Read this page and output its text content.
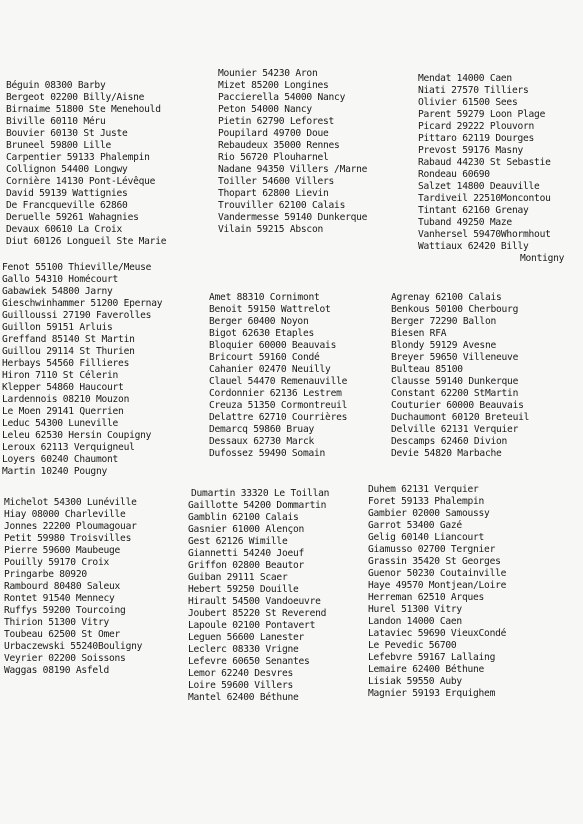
Béguin 08300 Barby
Bergeot 02200 Billy/Aisne
Birnaime 51800 Ste Menehould
Biville 60110 Méru
Bouvier 60130 St Juste
Bruneel 59800 Lille
Carpentier 59133 Phalempin
Collignon 54400 Longwy
Cornière 14130 Pont-Lévêque
David 59139 Wattignies
De Francqueville 62860
Deruelle 59261 Wahagnies
Devaux 60610 La Croix
Diut 60126 Longueil Ste Marie
Mounier 54230 Aron
Mizet 85200 Longines
Paccierella 54000 Nancy
Peton 54000 Nancy
Pietin 62790 Leforest
Poupilard 49700 Doue
Rebaudeux 35000 Rennes
Rio 56720 Plouharnel
Nadane 94350 Villers /Marne
Toiller 54600 Villers
Thopart 62800 Lievin
Trouviller 62100 Calais
Vandermesse 59140 Dunkerque
Vilain 59215 Abscon
Mendat 14000 Caen
Niati 27570 Tilliers
Olivier 61500 Sees
Parent 59279 Loon Plage
Picard 29222 Plouvorn
Pittaro 62119 Dourges
Prevost 59176 Masny
Rabaud 44230 St Sebastie
Rondeau 60690
Salzet 14800 Deauville
Tardiveil 22510Moncontou
Tintant 62160 Grenay
Tuband 49250 Maze
Vanhersel 59470Whormhout
Wattiaux 62420 Billy
Montigny
Fenot 55100 Thieville/Meuse
Gallo 54310 Homécourt
Gabawiek 54800 Jarny
Gieschwinhammer 51200 Epernay
Guilloussi 27190 Faverolles
Guillon 59151 Arluis
Greffand 85140 St Martin
Guillou 29114 St Thurien
Herbays 54560 Fillieres
Hiron 7110 St Célerin
Klepper 54860 Haucourt
Lardennois 08210 Mouzon
Le Moen 29141 Querrien
Leduc 54300 Luneville
Leleu 62530 Hersin Coupigny
Leroux 62113 Verquigneul
Loyers 60240 Chaumont
Martin 10240 Pougny
Amet 88310 Cornimont
Benoit 59150 Wattrelot
Berger 60400 Noyon
Bigot 62630 Etaples
Bloquier 60000 Beauvais
Bricourt 59160 Condé
Cahanier 02470 Neuilly
Clauel 54470 Remenauville
Cordonnier 62136 Lestrem
Creuza 51350 Cormontreuil
Delattre 62710 Courrières
Demarcq 59860 Bruay
Dessaux 62730 Marck
Dufossez 59490 Somain
Agrenay 62100 Calais
Benkous 50100 Cherbourg
Berger 72290 Ballon
Biesen RFA
Blondy 59129 Avesne
Breyer 59650 Villeneuve
Bulteau 85100
Clausse 59140 Dunkerque
Constant 62200 StMartin
Couturier 60000 Beauvais
Duchaumont 60120 Breteuil
Delville 62131 Verquier
Descamps 62460 Divion
Devie 54820 Marbache
Michelot 54300 Lunéville
Hiay 08000 Charleville
Jonnes 22200 Ploumagouar
Petit 59980 Troisvilles
Pierre 59600 Maubeuge
Pouilly 59170 Croix
Pringarbe 80920
Rambourd 80480 Saleux
Rontet 91540 Mennecy
Ruffys 59200 Tourcoing
Thirion 51300 Vitry
Toubeau 62500 St Omer
Urbaczewski 55240Bouligny
Veyrier 02200 Soissons
Waggas 08190 Asfeld
Dumartin 33320 Le Toillan
Gaillotte 54200 Dommartin
Gamblin 62100 Calais
Gasnier 61000 Alençon
Gest 62126 Wimille
Giannetti 54240 Joeuf
Griffon 02800 Beautor
Guiban 29111 Scaer
Hebert 59250 Douille
Hirault 54500 Vandoeuvre
Joubert 85220 St Reverend
Lapoule 02100 Pontavert
Leguen 56600 Lanester
Leclerc 08330 Vrigne
Lefevre 60650 Senantes
Lemor 62240 Desvres
Loire 59600 Villers
Mantel 62400 Béthune
Duhem 62131 Verquier
Foret 59133 Phalempin
Gambier 02000 Samoussy
Garrot 53400 Gazé
Gelig 60140 Liancourt
Giamusso 02700 Tergnier
Grassin 35420 St Georges
Guenor 50230 Coutainville
Haye 49570 Montjean/Loire
Herreman 62510 Arques
Hurel 51300 Vitry
Landon 14000 Caen
Lataviec 59690 VieuxCondé
Le Pevedic 56700
Lefebvre 59167 Lallaing
Lemaire 62400 Béthune
Lisiak 59550 Auby
Magnier 59193 Erquighem
